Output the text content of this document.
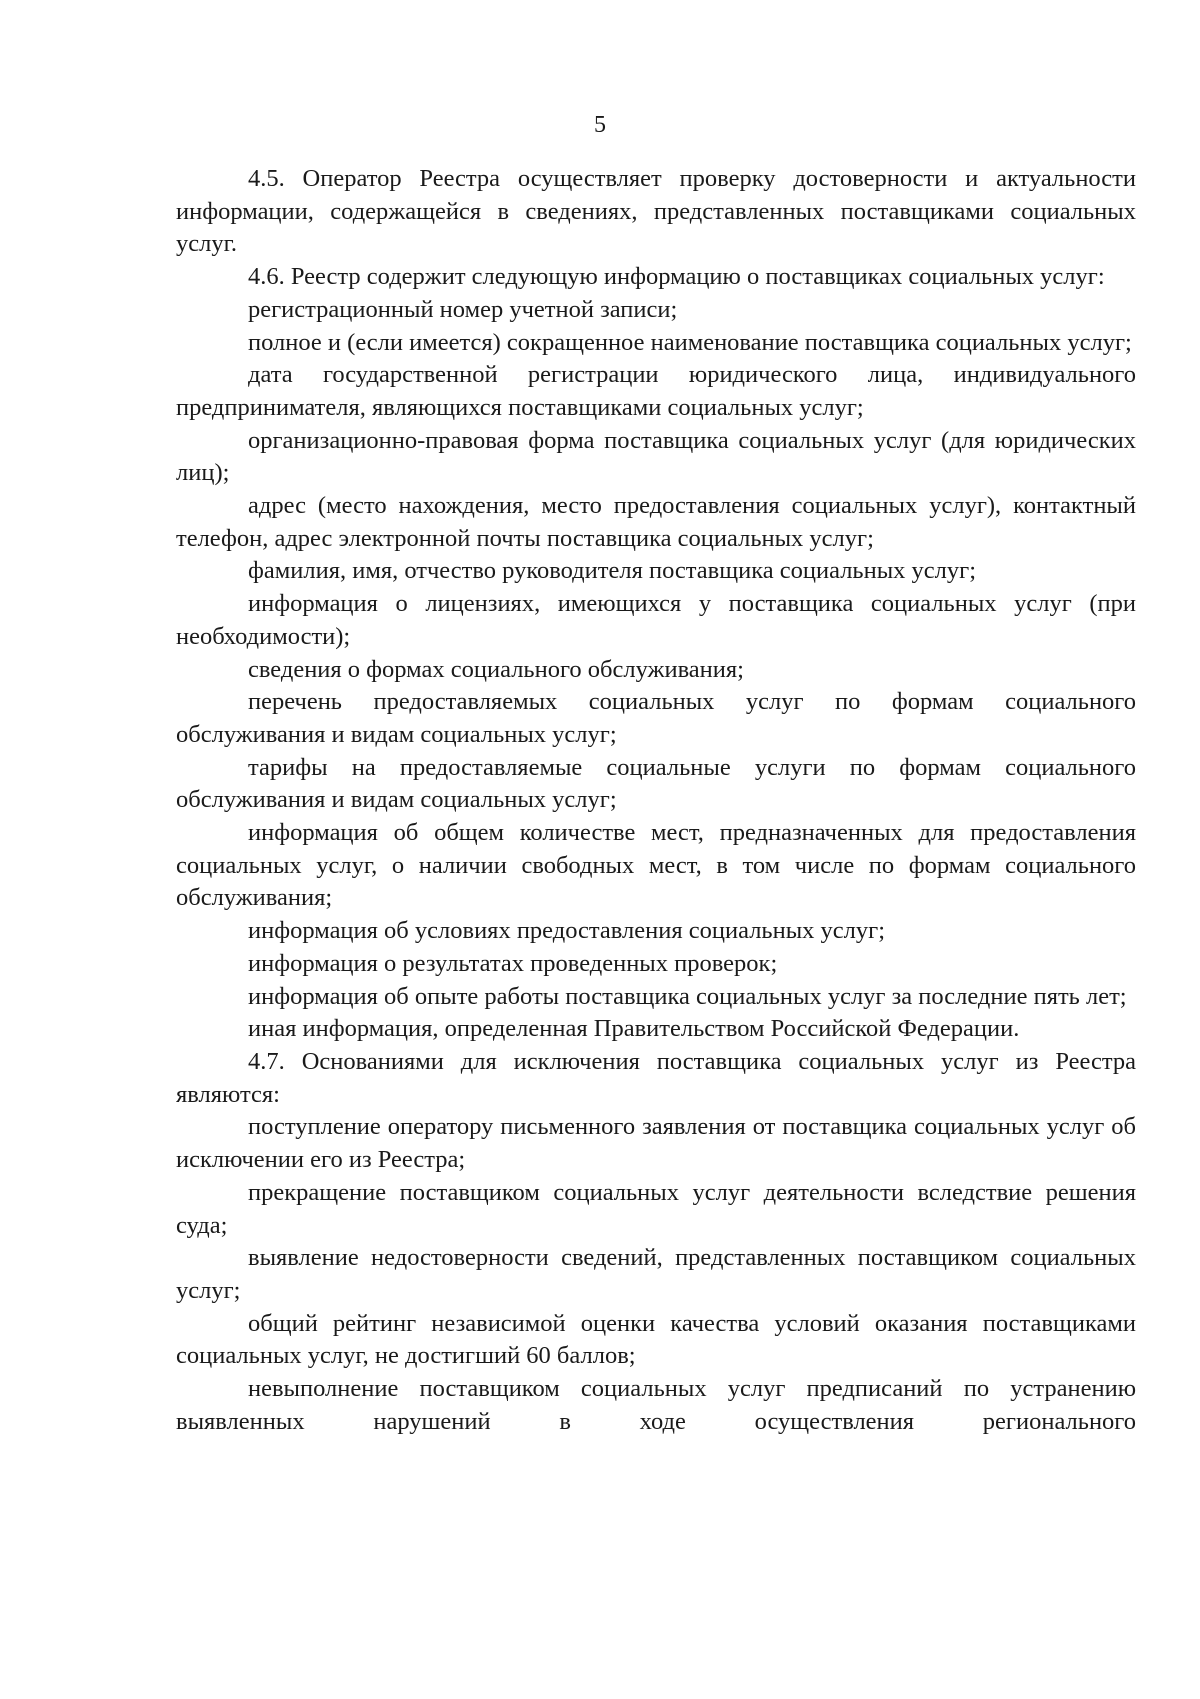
5

4.5. Оператор Реестра осуществляет проверку достоверности и актуальности информации, содержащейся в сведениях, представленных поставщиками социальных услуг.

4.6. Реестр содержит следующую информацию о поставщиках социальных услуг:

регистрационный номер учетной записи;

полное и (если имеется) сокращенное наименование поставщика социальных услуг;

дата государственной регистрации юридического лица, индивидуального предпринимателя, являющихся поставщиками социальных услуг;

организационно-правовая форма поставщика социальных услуг (для юридических лиц);

адрес (место нахождения, место предоставления социальных услуг), контактный телефон, адрес электронной почты поставщика социальных услуг;

фамилия, имя, отчество руководителя поставщика социальных услуг;

информация о лицензиях, имеющихся у поставщика социальных услуг (при необходимости);

сведения о формах социального обслуживания;

перечень предоставляемых социальных услуг по формам социального обслуживания и видам социальных услуг;

тарифы на предоставляемые социальные услуги по формам социального обслуживания и видам социальных услуг;

информация об общем количестве мест, предназначенных для предоставления социальных услуг, о наличии свободных мест, в том числе по формам социального обслуживания;

информация об условиях предоставления социальных услуг;

информация о результатах проведенных проверок;

информация об опыте работы поставщика социальных услуг за последние пять лет;

иная информация, определенная Правительством Российской Федерации.

4.7. Основаниями для исключения поставщика социальных услуг из Реестра являются:

поступление оператору письменного заявления от поставщика социальных услуг об исключении его из Реестра;

прекращение поставщиком социальных услуг деятельности вследствие решения суда;

выявление недостоверности сведений, представленных поставщиком социальных услуг;

общий рейтинг независимой оценки качества условий оказания поставщиками социальных услуг, не достигший 60 баллов;

невыполнение поставщиком социальных услуг предписаний по устранению выявленных нарушений в ходе осуществления регионального
